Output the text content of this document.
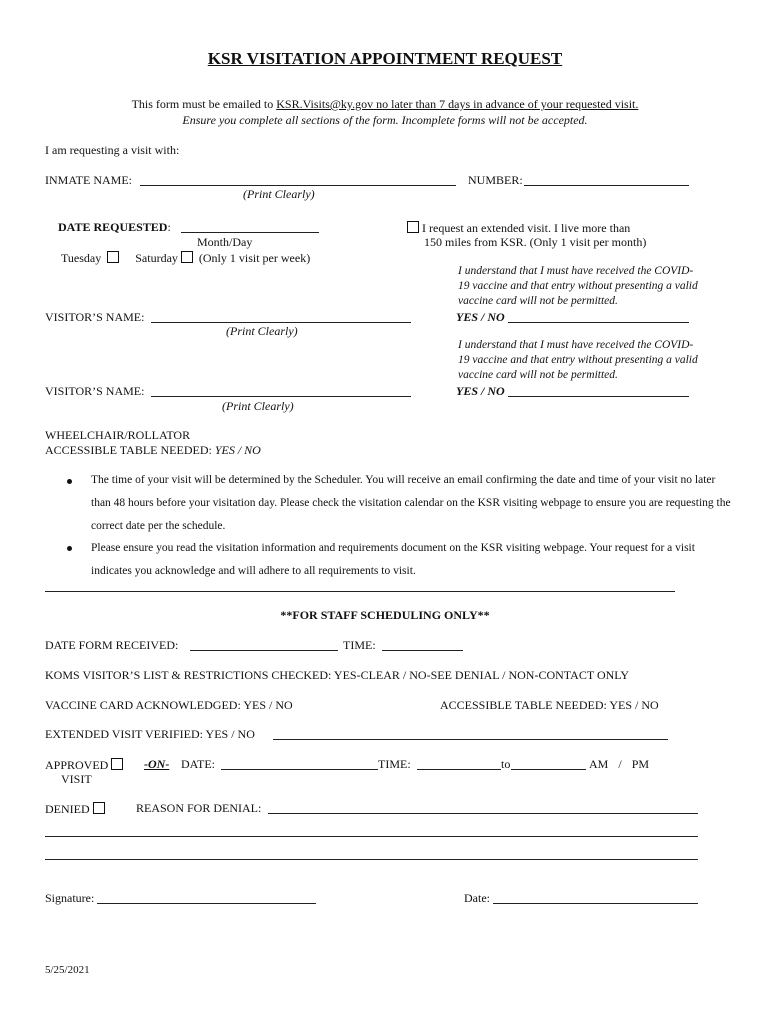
KSR VISITATION APPOINTMENT REQUEST
This form must be emailed to KSR.Visits@ky.gov no later than 7 days in advance of your requested visit.
Ensure you complete all sections of the form. Incomplete forms will not be accepted.
I am requesting a visit with:
INMATE NAME:
(Print Clearly)
NUMBER:
DATE REQUESTED:
Month/Day
Tuesday	Saturday (Only 1 visit per week)
I request an extended visit. I live more than
150 miles from KSR. (Only 1 visit per month)
I understand that I must have received the COVID-
19 vaccine and that entry without presenting a valid
vaccine card will not be permitted.
YES / NO
VISITOR’S NAME:
(Print Clearly)
I understand that I must have received the COVID-
19 vaccine and that entry without presenting a valid
vaccine card will not be permitted.
YES / NO
VISITOR’S NAME:
(Print Clearly)
WHEELCHAIR/ROLLATOR
ACCESSIBLE TABLE NEEDED: YES / NO
The time of your visit will be determined by the Scheduler. You will receive an email confirming the date and time of your visit no later than 48 hours before your visitation day. Please check the visitation calendar on the KSR visiting webpage to ensure you are requesting the correct date per the schedule.
Please ensure you read the visitation information and requirements document on the KSR visiting webpage. Your request for a visit indicates you acknowledge and will adhere to all requirements to visit.
**FOR STAFF SCHEDULING ONLY**
DATE FORM RECEIVED:	TIME:
KOMS VISITOR’S LIST & RESTRICTIONS CHECKED: YES-CLEAR / NO-SEE DENIAL / NON-CONTACT ONLY
VACCINE CARD ACKNOWLEDGED: YES / NO	ACCESSIBLE TABLE NEEDED: YES / NO
EXTENDED VISIT VERIFIED: YES / NO
APPROVED	-ON- DATE:	TIME:	to	AM / PM
VISIT
DENIED	REASON FOR DENIAL:
Signature:	Date:
5/25/2021
